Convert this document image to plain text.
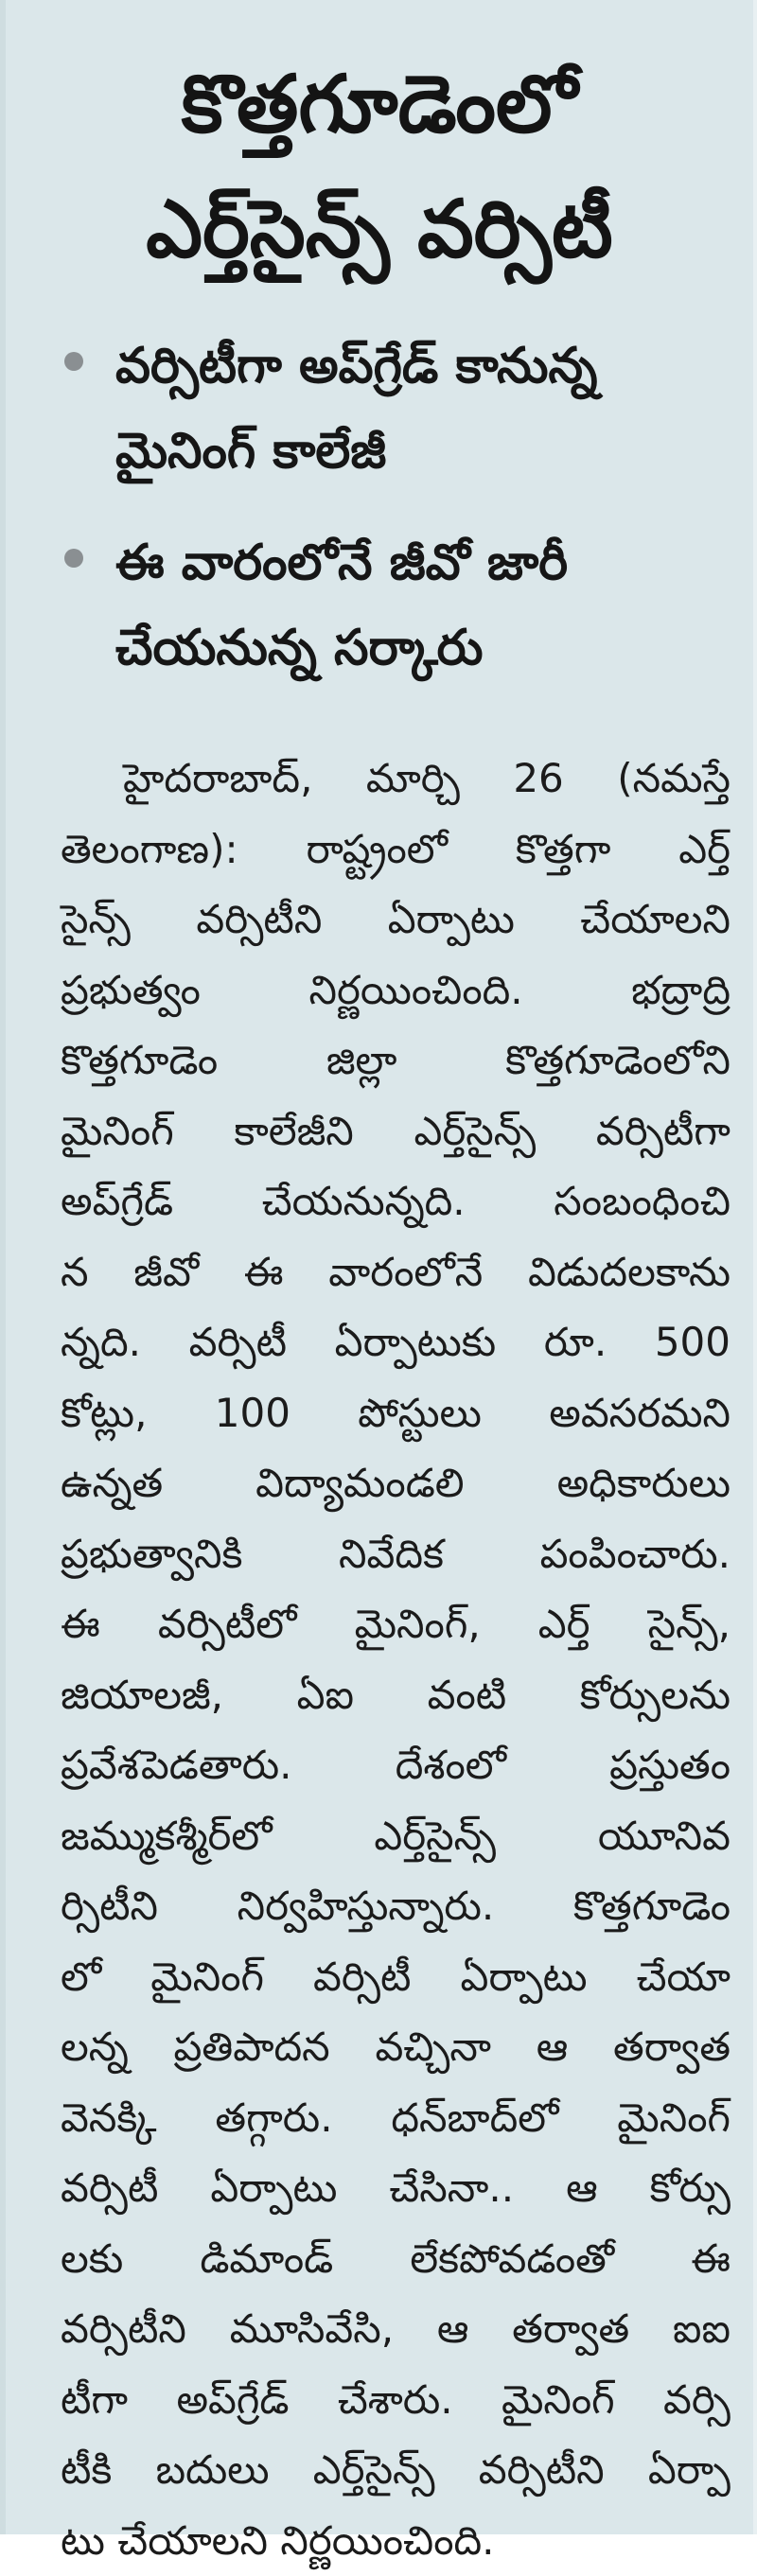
కొత్తగూడెంలో
ఎర్త్‌సైన్స్ వర్సిటీ
వర్సిటీగా అప్‌గ్రేడ్ కానున్న
మైనింగ్ కాలేజీ
ఈ వారంలోనే జీవో జారీ
చేయనున్న సర్కారు
హైదరాబాద్, మార్చి 26 (నమస్తే
తెలంగాణ): రాష్ట్రంలో కొత్తగా ఎర్త్
సైన్స్ వర్సిటీని ఏర్పాటు చేయాలని
ప్రభుత్వం నిర్ణయించింది. భద్రాద్రి
కొత్తగూడెం జిల్లా కొత్తగూడెంలోని
మైనింగ్ కాలేజీని ఎర్త్‌సైన్స్ వర్సిటీగా
అప్‌గ్రేడ్ చేయనున్నది. సంబంధించి
న జీవో ఈ వారంలోనే విడుదలకాను
న్నది. వర్సిటీ ఏర్పాటుకు రూ. 500
కోట్లు, 100 పోస్టులు అవసరమని
ఉన్నత విద్యామండలి అధికారులు
ప్రభుత్వానికి నివేదిక పంపించారు.
ఈ వర్సిటీలో మైనింగ్, ఎర్త్ సైన్స్,
జియాలజీ, ఏఐ వంటి కోర్సులను
ప్రవేశపెడతారు. దేశంలో ప్రస్తుతం
జమ్ముకశ్మీర్‌లో ఎర్త్‌సైన్స్ యూనివ
ర్సిటీని నిర్వహిస్తున్నారు. కొత్తగూడెం
లో మైనింగ్ వర్సిటీ ఏర్పాటు చేయా
లన్న ప్రతిపాదన వచ్చినా ఆ తర్వాత
వెనక్కి తగ్గారు. ధన్‌బాద్‌లో మైనింగ్
వర్సిటీ ఏర్పాటు చేసినా.. ఆ కోర్సు
లకు డిమాండ్ లేకపోవడంతో ఈ
వర్సిటీని మూసివేసి, ఆ తర్వాత ఐఐ
టీగా అప్‌గ్రేడ్ చేశారు. మైనింగ్ వర్సి
టీకి బదులు ఎర్త్‌సైన్స్ వర్సిటీని ఏర్పా
టు చేయాలని నిర్ణయించింది.
